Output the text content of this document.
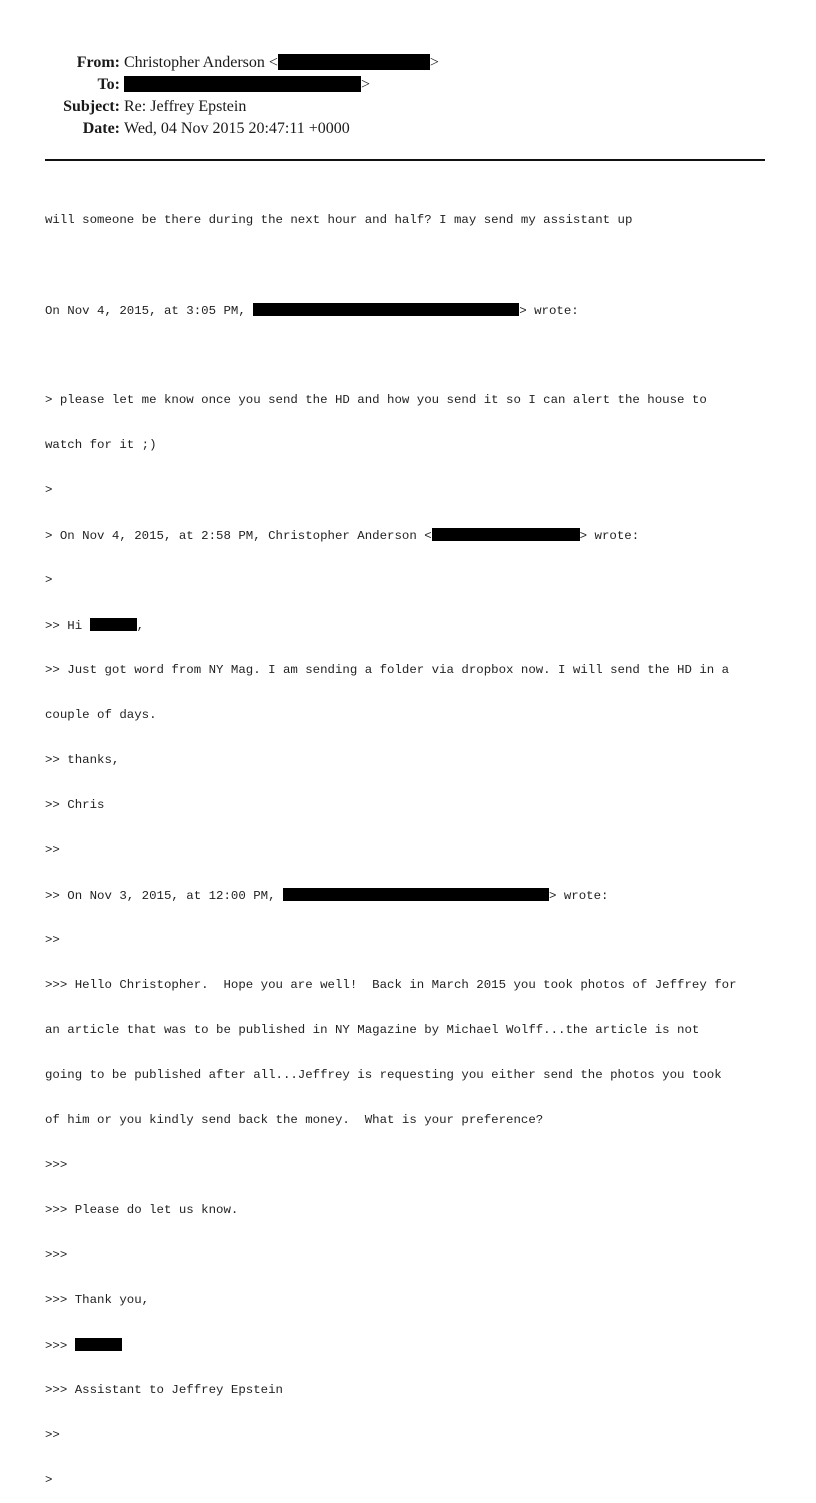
From: Christopher Anderson <	>
To:	>
Subject: Re: Jeffrey Epstein
Date: Wed, 04 Nov 2015 20:47:11 +0000

will someone be there during the next hour and half? I may send my assistant up

On Nov 4, 2015, at 3:05 PM,	> wrote:

> please let me know once you send the HD and how you send it so I can alert the house to

watch for it ;)

>

> On Nov 4, 2015, at 2:58 PM, Christopher Anderson <	> wrote:

>

>> Hi	,

>> Just got word from NY Mag. I am sending a folder via dropbox now. I will send the HD in a

couple of days.

>> thanks,

>> Chris

>>

>> On Nov 3, 2015, at 12:00 PM,	> wrote:

>>

>>> Hello Christopher.  Hope you are well!  Back in March 2015 you took photos of Jeffrey for

an article that was to be published in NY Magazine by Michael Wolff...the article is not

going to be published after all...Jeffrey is requesting you either send the photos you took

of him or you kindly send back the money.  What is your preference?

>>>

>>> Please do let us know.

>>>

>>> Thank you,

>>>

>>> Assistant to Jeffrey Epstein

>>

>
